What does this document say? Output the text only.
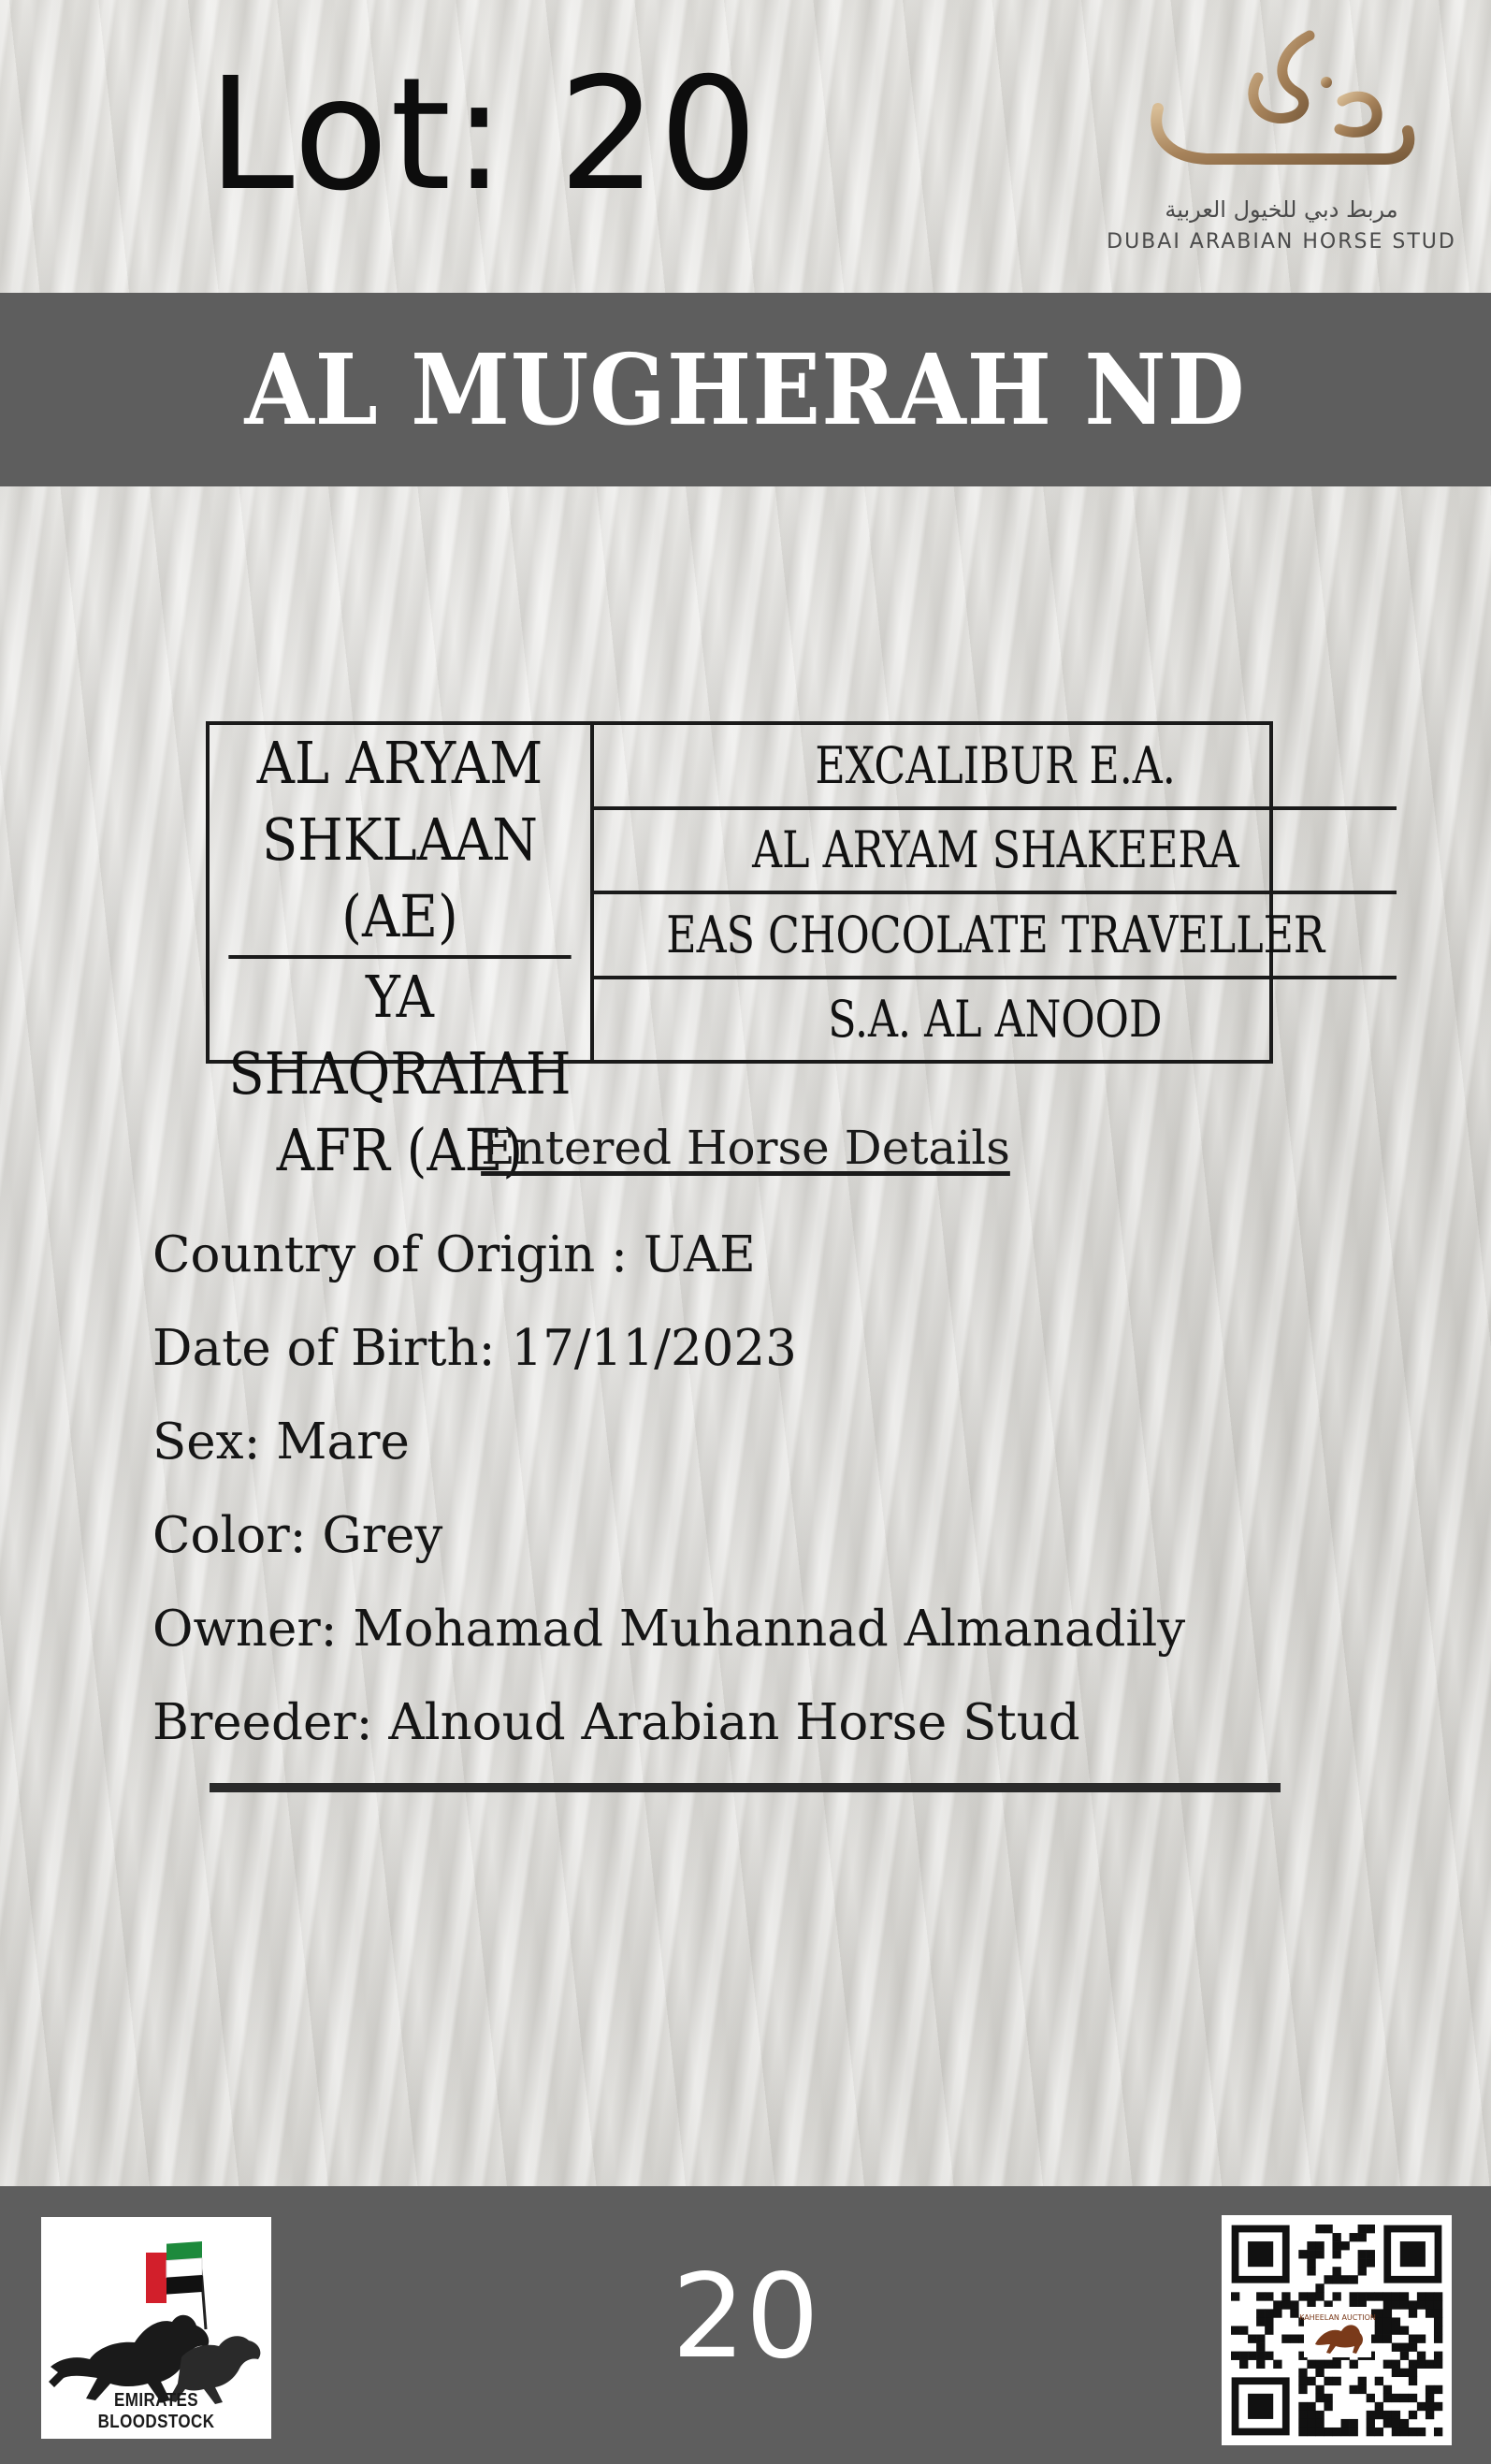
Lot: 20	مربط دبي للخيول العربية
DUBAI ARABIAN HORSE STUD
AL MUGHERAH ND
AL ARYAM
SHKLAAN (AE)
YA SHAQRAIAH
AFR (AE)
EXCALIBUR E.A.
AL ARYAM SHAKEERA
EAS CHOCOLATE TRAVELLER
S.A. AL ANOOD
Entered Horse Details
Country of Origin : UAE
Date of Birth: 17/11/2023
Sex: Mare
Color: Grey
Owner: Mohamad Muhannad Almanadily
Breeder: Alnoud Arabian Horse Stud
EMIRATES BLOODSTOCK
20	KAHEELAN AUCTION
